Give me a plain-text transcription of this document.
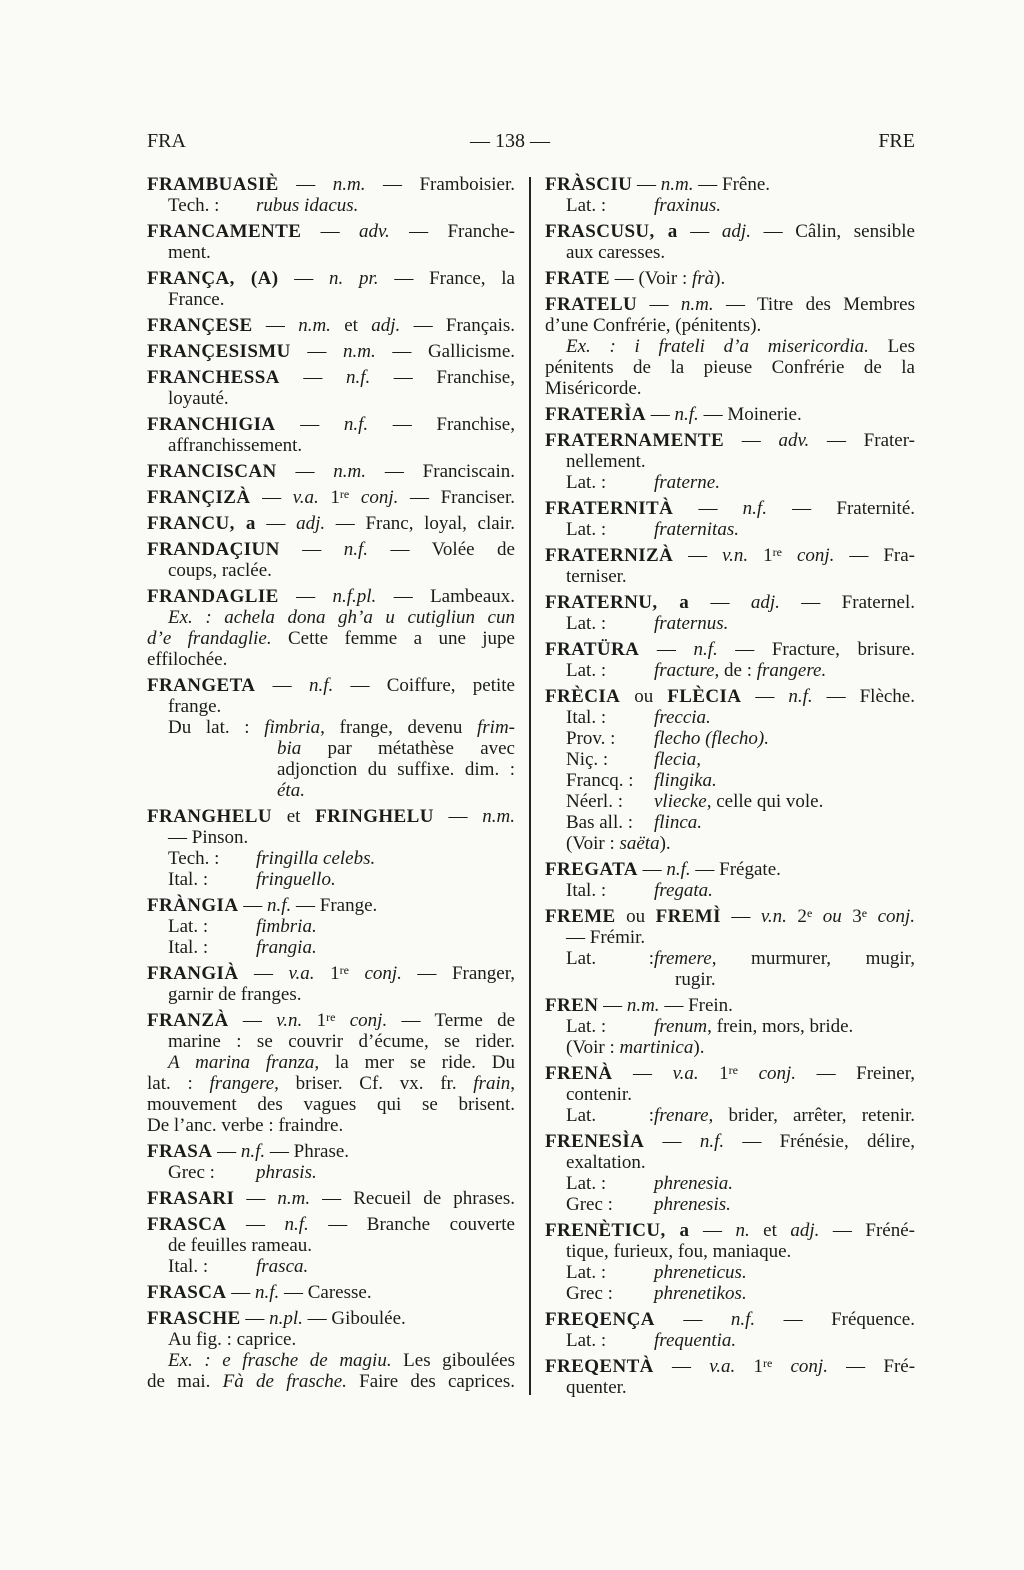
FRA	— 138 —	FRE
FRAMBUASIÈ — n.m. — Framboisier.
Tech. : rubus idacus.
FRANCAMENTE — adv. — Franche-
ment.
FRANÇA, (A) — n. pr. — France, la
France.
FRANÇESE — n.m. et adj. — Français.
FRANÇESISMU — n.m. — Gallicisme.
FRANCHESSA — n.f. — Franchise,
loyauté.
FRANCHIGIA — n.f. — Franchise,
affranchissement.
FRANCISCAN — n.m. — Franciscain.
FRANÇIZÀ — v.a. 1re conj. — Franciser.
FRANCU, a — adj. — Franc, loyal, clair.
FRANDAÇIUN — n.f. — Volée de
coups, raclée.
FRANDAGLIE — n.f.pl. — Lambeaux.
Ex. : achela dona gh’a u cutigliun cun
d’e frandaglie. Cette femme a une jupe
effilochée.
FRANGETA — n.f. — Coiffure, petite
frange.
Du lat. : fimbria, frange, devenu frim-
bia par métathèse avec
adjonction du suffixe. dim. :
éta.
FRANGHELU et FRINGHELU — n.m.
— Pinson.
Tech. : fringilla celebs.
Ital. :	fringuello.
FRÀNGIA — n.f. — Frange.
Lat. :	fimbria.
Ital. :	frangia.
FRANGIÀ — v.a. 1re conj. — Franger,
garnir de franges.
FRANZÀ — v.n. 1re conj. — Terme de
marine : se couvrir d’écume, se rider.
A marina franza, la mer se ride. Du
lat. : frangere, briser. Cf. vx. fr. frain,
mouvement des vagues qui se brisent.
De l’anc. verbe : fraindre.
FRASA — n.f. — Phrase.
Grec : phrasis.
FRASARI — n.m. — Recueil de phrases.
FRASCA — n.f. — Branche couverte
de feuilles rameau.
Ital. :	frasca.
FRASCA — n.f. — Caresse.
FRASCHE — n.pl. — Giboulée.
Au fig. : caprice.
Ex. : e frasche de magiu. Les giboulées
de mai. Fà de frasche. Faire des caprices.
FRÀSCIU — n.m. — Frêne.
Lat. :	fraxinus.
FRASCUSU, a — adj. — Câlin, sensible
aux caresses.
FRATE — (Voir : frà).
FRATELU — n.m. — Titre des Membres
d’une Confrérie, (pénitents).
Ex. : i frateli d’a misericordia. Les
pénitents de la pieuse Confrérie de la
Miséricorde.
FRATERÌA — n.f. — Moinerie.
FRATERNAMENTE — adv. — Frater-
nellement.
Lat. :	fraterne.
FRATERNITÀ — n.f. — Fraternité.
Lat. :	fraternitas.
FRATERNIZÀ — v.n. 1re conj. — Fra-
terniser.
FRATERNU, a — adj. — Fraternel.
Lat. :	fraternus.
FRATÜRA — n.f. — Fracture, brisure.
Lat. :	fracture, de : frangere.
FRÈCIA ou FLÈCIA — n.f. — Flèche.
Ital. :	freccia.
Prov. : flecho (flecho).
Niç. : flecia,
Francq. : flingika.
Néerl. : vliecke, celle qui vole.
Bas all. : flinca.
(Voir : saëta).
FREGATA — n.f. — Frégate.
Ital. :	fregata.
FREME ou FREMÌ — v.n. 2e ou 3e conj.
— Frémir.
Lat. :fremere, murmurer, mugir,
rugir.
FREN — n.m. — Frein.
Lat. :	frenum, frein, mors, bride.
(Voir : martinica).
FRENÀ — v.a. 1re conj. — Freiner,
contenir.
Lat. :frenare, brider, arrêter, retenir.
FRENESÌA — n.f. — Frénésie, délire,
exaltation.
Lat. :	phrenesia.
Grec : phrenesis.
FRENÈTICU, a — n. et adj. — Fréné-
tique, furieux, fou, maniaque.
Lat. :	phreneticus.
Grec : phrenetikos.
FREQENÇA — n.f. — Fréquence.
Lat. :	frequentia.
FREQENTÀ — v.a. 1re conj. — Fré-
quenter.
